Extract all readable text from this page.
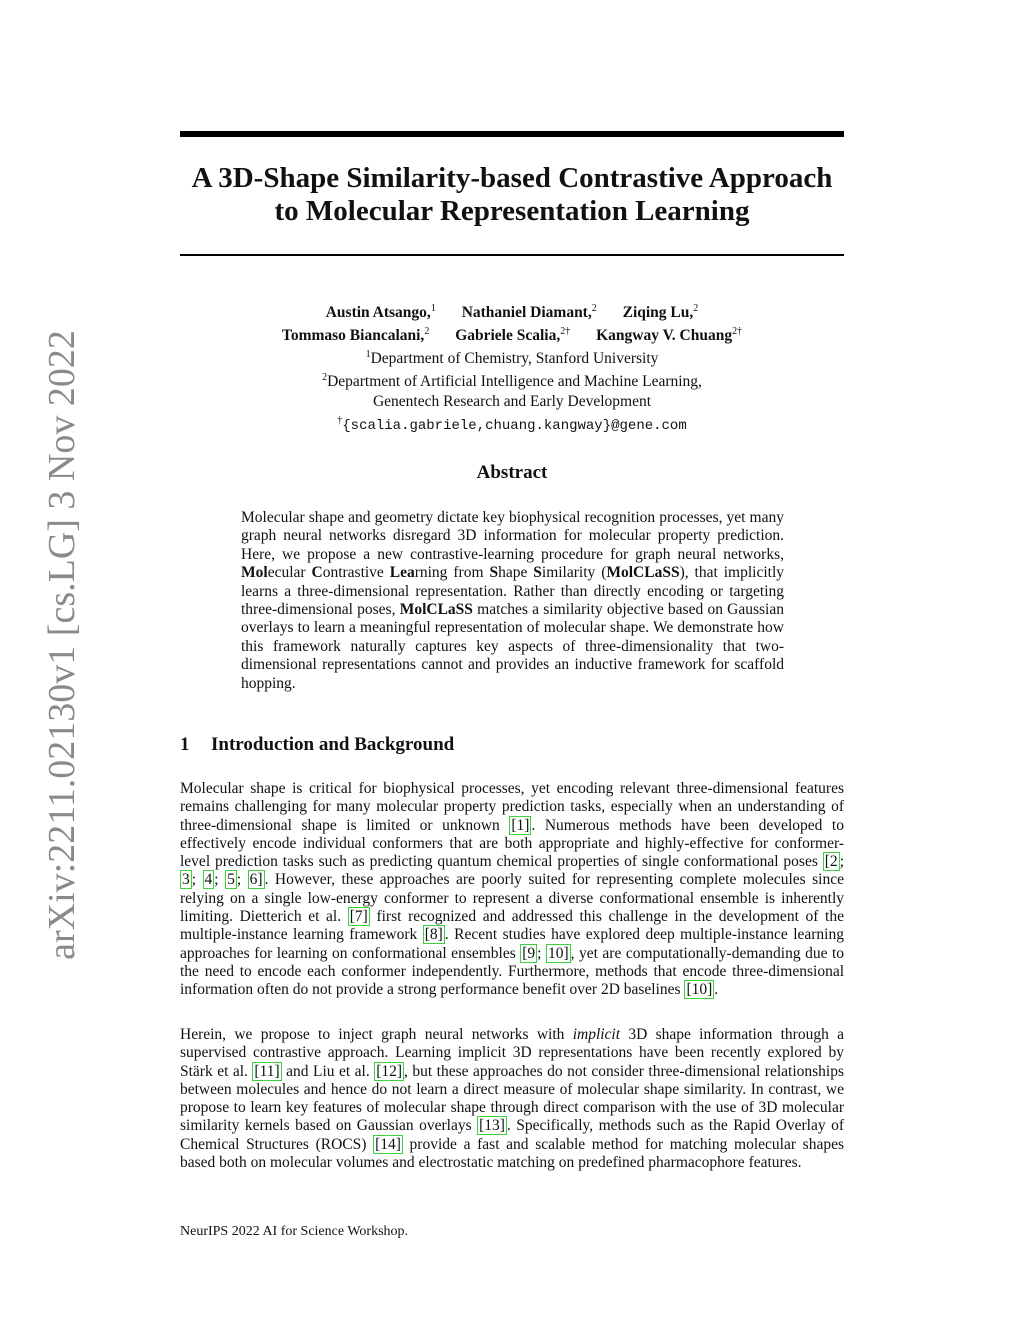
arXiv:2211.02130v1 [cs.LG] 3 Nov 2022
A 3D-Shape Similarity-based Contrastive Approach
to Molecular Representation Learning
Austin Atsango,$^1$ Nathaniel Diamant,$^2$ Ziqing Lu,$^2$
Tommaso Biancalani,$^2$ Gabriele Scalia,$^{2\dagger}$ Kangway V. Chuang$^{2\dagger}$
$^1$Department of Chemistry, Stanford University
$^2$Department of Artificial Intelligence and Machine Learning,
Genentech Research and Early Development
†{scalia.gabriele,chuang.kangway}@gene.com
Abstract
Molecular shape and geometry dictate key biophysical recognition processes, yet many graph neural networks disregard 3D information for molecular property prediction. Here, we propose a new contrastive-learning procedure for graph neural networks, Molecular Contrastive Learning from Shape Similarity (MolCLaSS), that implicitly learns a three-dimensional representation. Rather than directly encoding or targeting three-dimensional poses, MolCLaSS matches a similarity objective based on Gaussian overlays to learn a meaningful representation of molecular shape. We demonstrate how this framework naturally captures key aspects of three-dimensionality that two-dimensional representations cannot and provides an inductive framework for scaffold hopping.
1 Introduction and Background
Molecular shape is critical for biophysical processes, yet encoding relevant three-dimensional features remains challenging for many molecular property prediction tasks, especially when an understanding of three-dimensional shape is limited or unknown [1] . Numerous methods have been developed to effectively encode individual conformers that are both appropriate and highly-effective for conformer-level prediction tasks such as predicting quantum chemical properties of single conformational poses [2 ; 3 ; 4 ; 5 ; 6] . However, these approaches are poorly suited for representing complete molecules since relying on a single low-energy conformer to represent a diverse conformational ensemble is inherently limiting. Dietterich et al. [7] first recognized and addressed this challenge in the development of the multiple-instance learning framework [8] . Recent studies have explored deep multiple-instance learning approaches for learning on conformational ensembles [9 ; 10] , yet are computationally-demanding due to the need to encode each conformer independently. Furthermore, methods that encode three-dimensional information often do not provide a strong performance benefit over 2D baselines [10] .
Herein, we propose to inject graph neural networks with implicit 3D shape information through a supervised contrastive approach. Learning implicit 3D representations have been recently explored by Stärk et al. [11] and Liu et al. [12] , but these approaches do not consider three-dimensional relationships between molecules and hence do not learn a direct measure of molecular shape similarity. In contrast, we propose to learn key features of molecular shape through direct comparison with the use of 3D molecular similarity kernels based on Gaussian overlays [13] . Specifically, methods such as the Rapid Overlay of Chemical Structures (ROCS) [14] provide a fast and scalable method for matching molecular shapes based both on molecular volumes and electrostatic matching on predefined pharmacophore features.
NeurIPS 2022 AI for Science Workshop.
